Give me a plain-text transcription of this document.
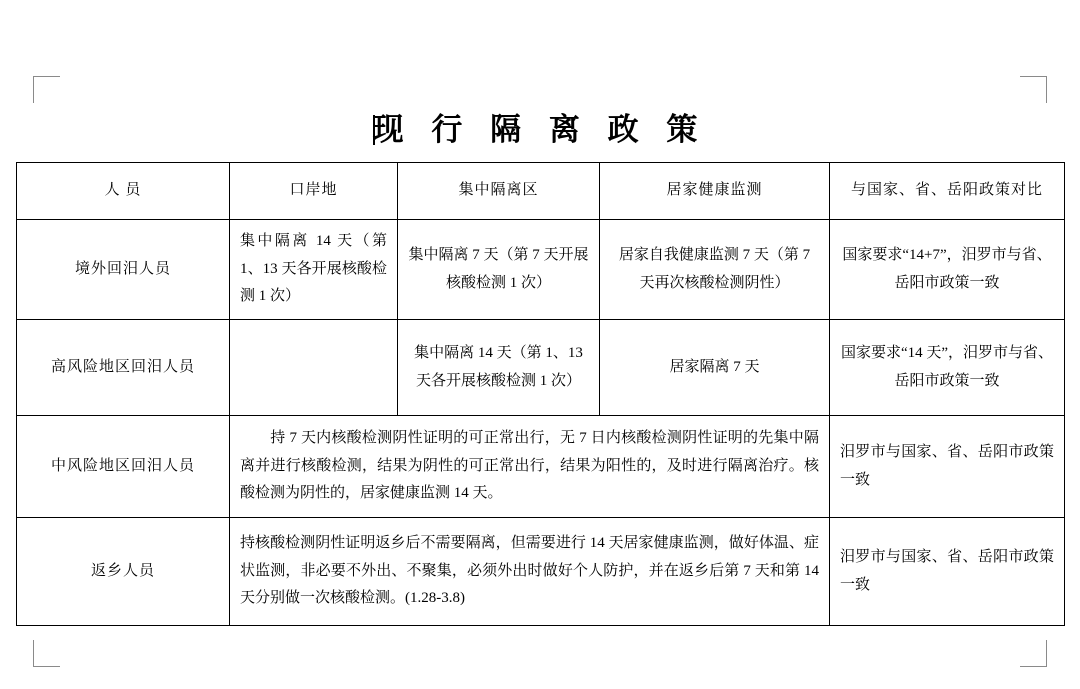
现 行 隔 离 政 策
人 员	口岸地	集中隔离区	居家健康监测	与国家、省、岳阳政策对比
境外回汨人员	集中隔离 14 天（第 1、13 天各开展核酸检测 1 次）	集中隔离 7 天（第 7 天开展核酸检测 1 次）	居家自我健康监测 7 天（第 7 天再次核酸检测阴性）	国家要求“14+7”，汨罗市与省、岳阳市政策一致
高风险地区回汨人员		集中隔离 14 天（第 1、13 天各开展核酸检测 1 次）	居家隔离 7 天	国家要求“14 天”，汨罗市与省、岳阳市政策一致
中风险地区回汨人员	持 7 天内核酸检测阴性证明的可正常出行，无 7 日内核酸检测阴性证明的先集中隔离并进行核酸检测，结果为阴性的可正常出行，结果为阳性的，及时进行隔离治疗。核酸检测为阴性的，居家健康监测 14 天。			汨罗市与国家、省、岳阳市政策一致
返乡人员	持核酸检测阴性证明返乡后不需要隔离，但需要进行 14 天居家健康监测，做好体温、症状监测，非必要不外出、不聚集，必须外出时做好个人防护，并在返乡后第 7 天和第 14 天分别做一次核酸检测。(1.28-3.8)			汨罗市与国家、省、岳阳市政策一致
